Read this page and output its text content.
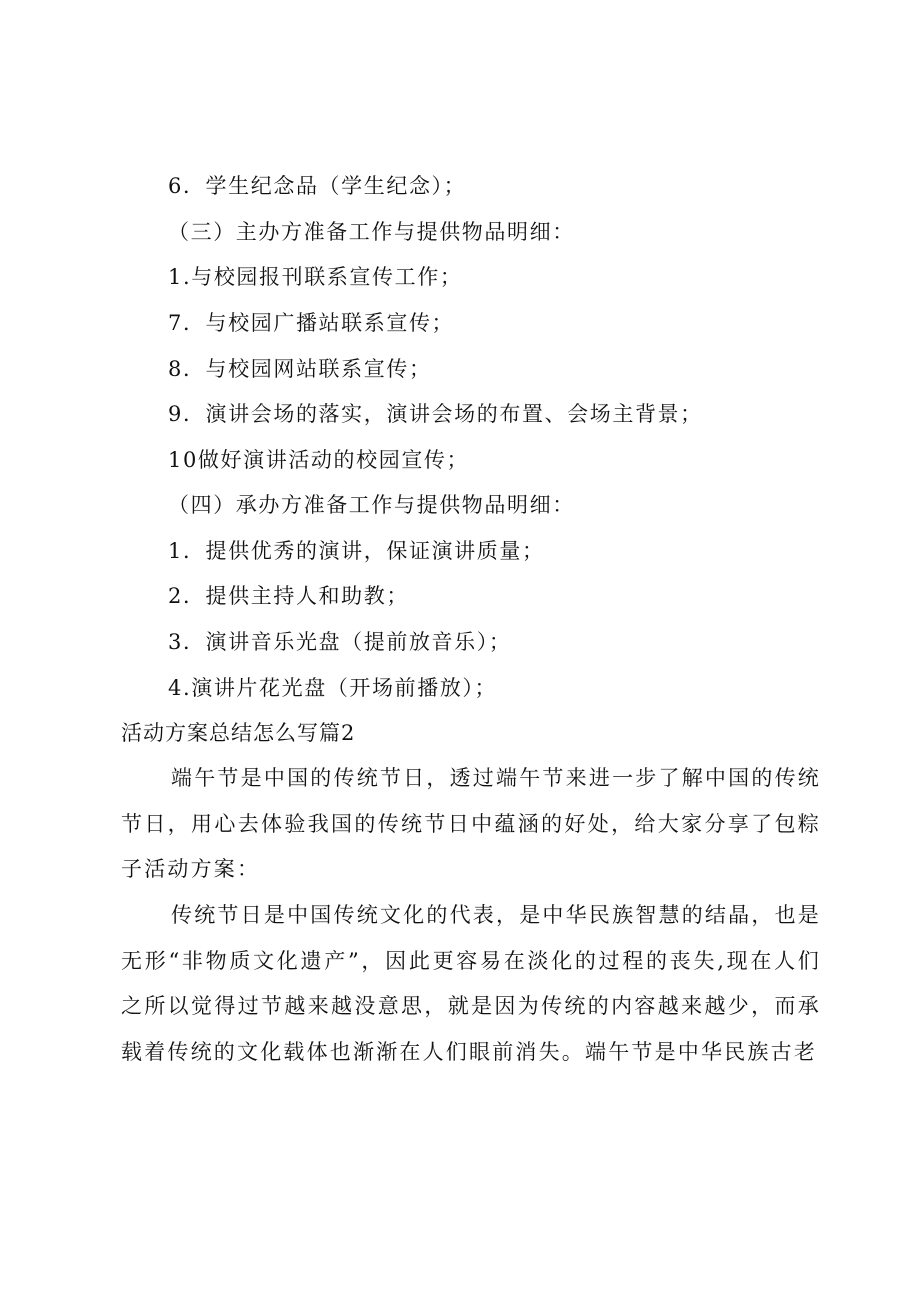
6．学生纪念品（学生纪念）；
（三）主办方准备工作与提供物品明细：
1.与校园报刊联系宣传工作；
7．与校园广播站联系宣传；
8．与校园网站联系宣传；
9．演讲会场的落实，演讲会场的布置、会场主背景；
10做好演讲活动的校园宣传；
（四）承办方准备工作与提供物品明细：
1．提供优秀的演讲，保证演讲质量；
2．提供主持人和助教；
3．演讲音乐光盘（提前放音乐）；
4.演讲片花光盘（开场前播放）；
活动方案总结怎么写篇2

端午节是中国的传统节日，透过端午节来进一步了解中国的传统节日，用心去体验我国的传统节日中蕴涵的好处，给大家分享了包粽子活动方案：

传统节日是中国传统文化的代表，是中华民族智慧的结晶，也是无形“非物质文化遗产”，因此更容易在淡化的过程的丧失,现在人们之所以觉得过节越来越没意思，就是因为传统的内容越来越少，而承载着传统的文化载体也渐渐在人们眼前消失。端午节是中华民族古老
